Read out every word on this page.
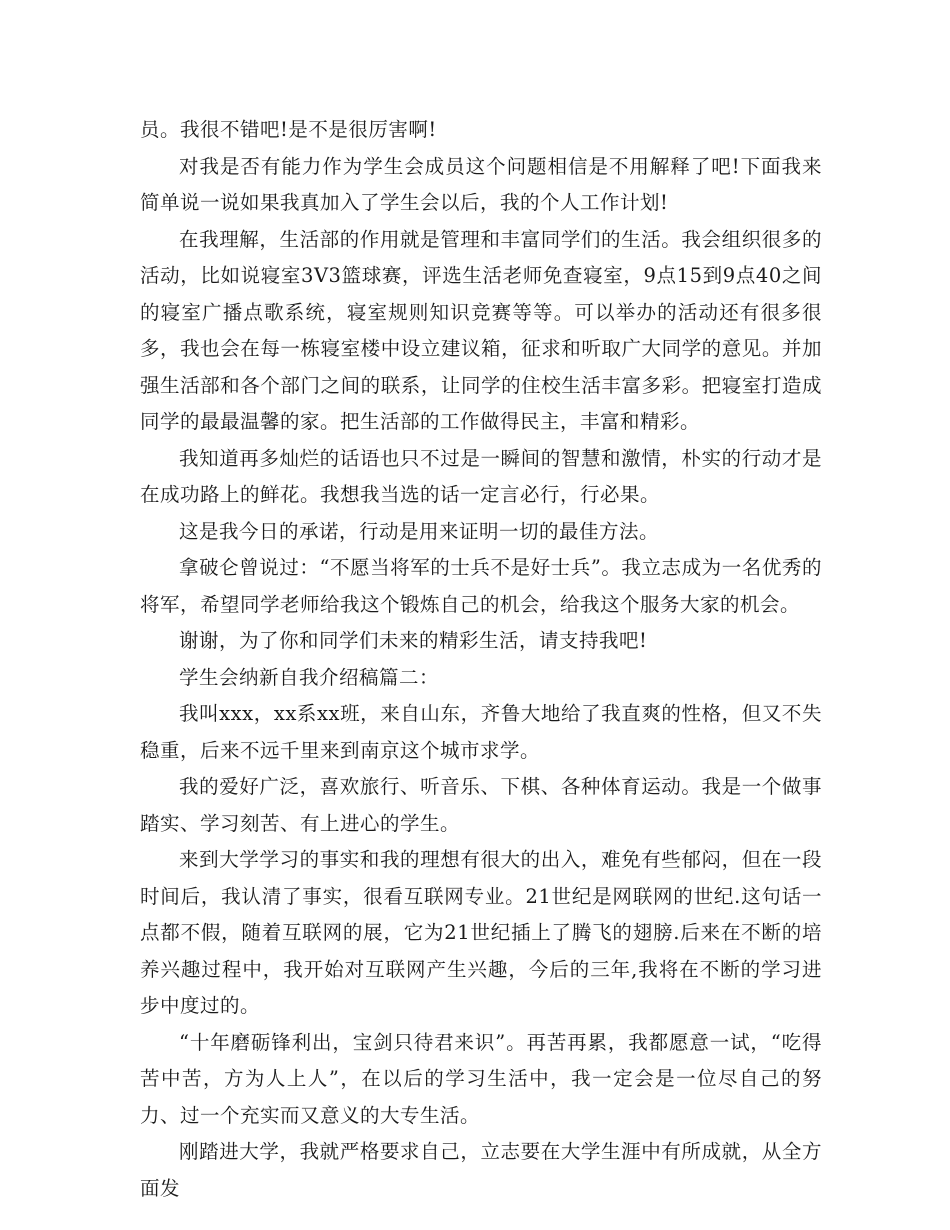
员。我很不错吧!是不是很厉害啊!

对我是否有能力作为学生会成员这个问题相信是不用解释了吧!下面我来简单说一说如果我真加入了学生会以后，我的个人工作计划!

在我理解，生活部的作用就是管理和丰富同学们的生活。我会组织很多的活动，比如说寝室3V3篮球赛，评选生活老师免查寝室，9点15到9点40之间的寝室广播点歌系统，寝室规则知识竞赛等等。可以举办的活动还有很多很多，我也会在每一栋寝室楼中设立建议箱，征求和听取广大同学的意见。并加强生活部和各个部门之间的联系，让同学的住校生活丰富多彩。把寝室打造成同学的最最温馨的家。把生活部的工作做得民主，丰富和精彩。

我知道再多灿烂的话语也只不过是一瞬间的智慧和激情，朴实的行动才是在成功路上的鲜花。我想我当选的话一定言必行，行必果。

这是我今日的承诺，行动是用来证明一切的最佳方法。

拿破仑曾说过：“不愿当将军的士兵不是好士兵”。我立志成为一名优秀的将军，希望同学老师给我这个锻炼自己的机会，给我这个服务大家的机会。

谢谢，为了你和同学们未来的精彩生活，请支持我吧!

学生会纳新自我介绍稿篇二：

我叫xxx，xx系xx班，来自山东，齐鲁大地给了我直爽的性格，但又不失稳重，后来不远千里来到南京这个城市求学。

我的爱好广泛，喜欢旅行、听音乐、下棋、各种体育运动。我是一个做事踏实、学习刻苦、有上进心的学生。

来到大学学习的事实和我的理想有很大的出入，难免有些郁闷，但在一段时间后，我认清了事实，很看互联网专业。21世纪是网联网的世纪.这句话一点都不假，随着互联网的展，它为21世纪插上了腾飞的翅膀.后来在不断的培养兴趣过程中，我开始对互联网产生兴趣，今后的三年,我将在不断的学习进步中度过的。

“十年磨砺锋利出，宝剑只待君来识”。再苦再累，我都愿意一试，“吃得苦中苦，方为人上人”，在以后的学习生活中，我一定会是一位尽自己的努力、过一个充实而又意义的大专生活。

刚踏进大学，我就严格要求自己，立志要在大学生涯中有所成就，从全方面发
